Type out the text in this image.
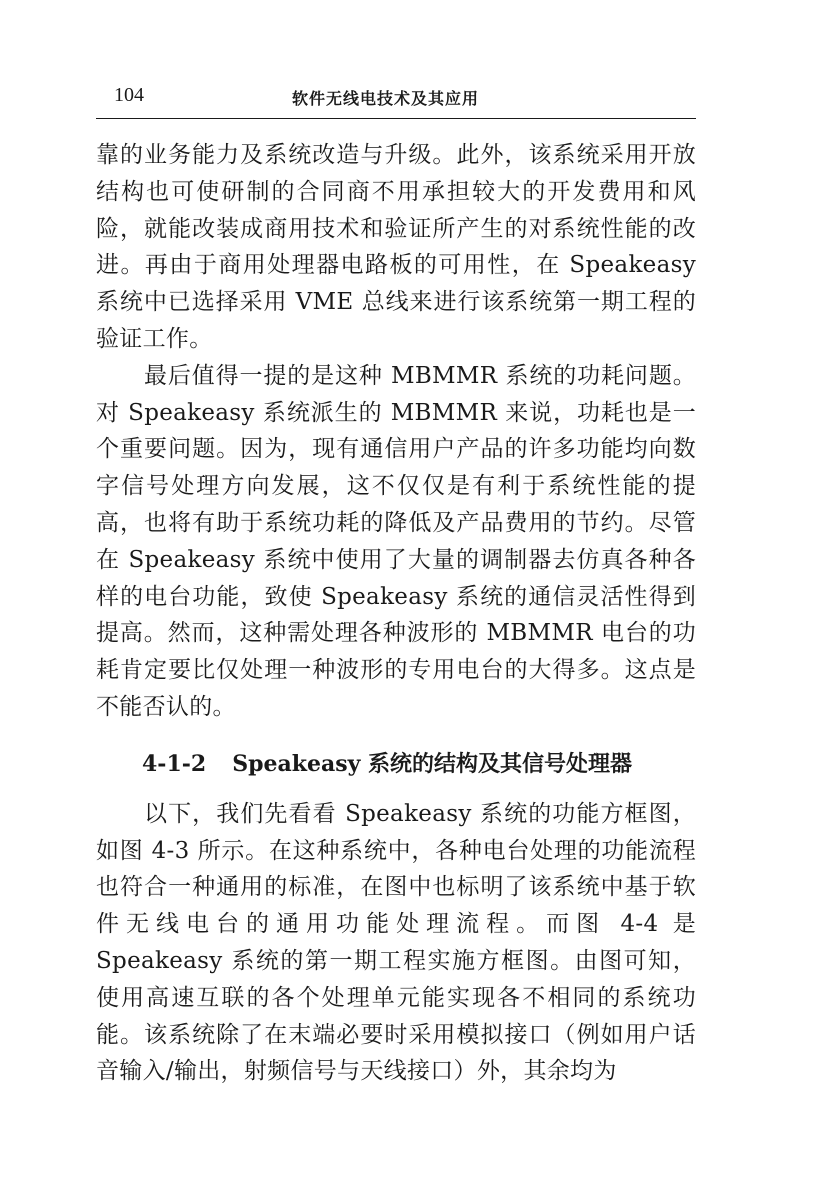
104	软件无线电技术及其应用

靠的业务能力及系统改造与升级。此外，该系统采用开放结构也可使研制的合同商不用承担较大的开发费用和风险，就能改装成商用技术和验证所产生的对系统性能的改进。再由于商用处理器电路板的可用性，在 Speakeasy 系统中已选择采用 VME 总线来进行该系统第一期工程的验证工作。

最后值得一提的是这种 MBMMR 系统的功耗问题。对 Speakeasy 系统派生的 MBMMR 来说，功耗也是一个重要问题。因为，现有通信用户产品的许多功能均向数字信号处理方向发展，这不仅仅是有利于系统性能的提高，也将有助于系统功耗的降低及产品费用的节约。尽管在 Speakeasy 系统中使用了大量的调制器去仿真各种各样的电台功能，致使 Speakeasy 系统的通信灵活性得到提高。然而，这种需处理各种波形的 MBMMR 电台的功耗肯定要比仅处理一种波形的专用电台的大得多。这点是不能否认的。

4-1-2 Speakeasy 系统的结构及其信号处理器

以下，我们先看看 Speakeasy 系统的功能方框图，如图 4-3 所示。在这种系统中，各种电台处理的功能流程也符合一种通用的标准，在图中也标明了该系统中基于软件无线电台的通用功能处理流程。而图 4-4 是 Speakeasy 系统的第一期工程实施方框图。由图可知，使用高速互联的各个处理单元能实现各不相同的系统功能。该系统除了在末端必要时采用模拟接口（例如用户话音输入/输出，射频信号与天线接口）外，其余均为
